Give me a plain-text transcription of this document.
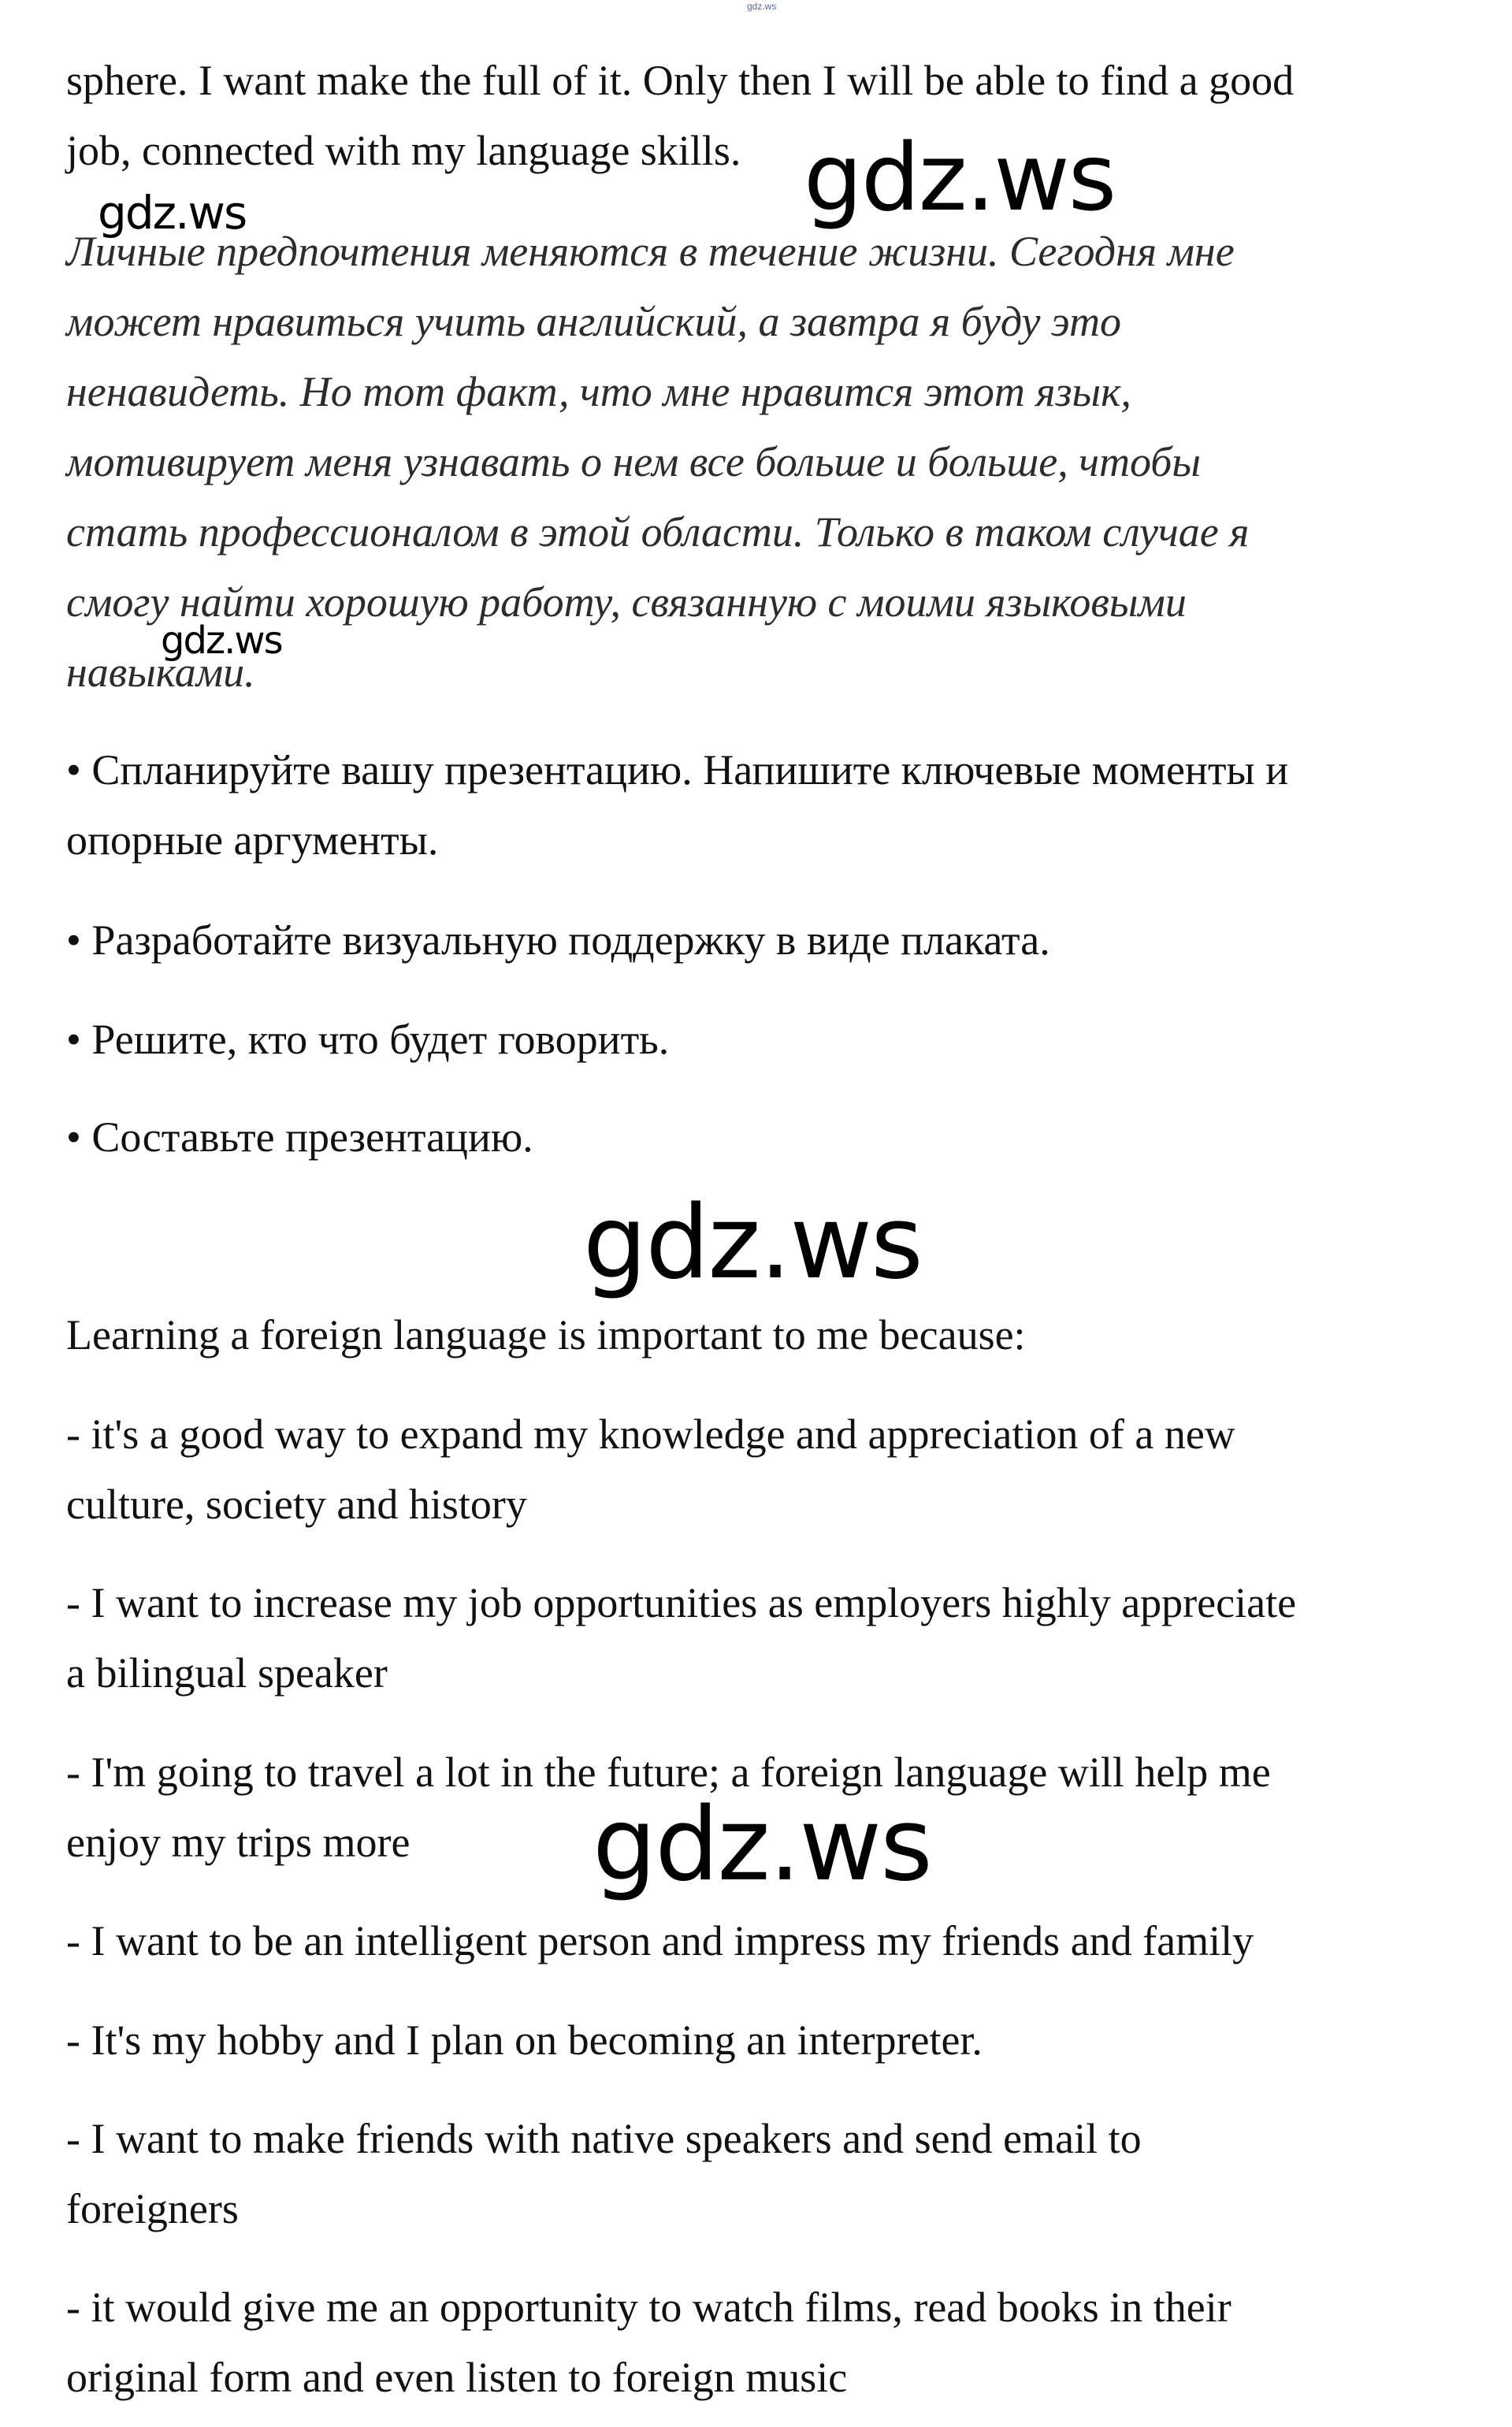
gdz.ws

sphere. I want make the full of it. Only then I will be able to find a good

job, connected with my language skills.

Личные предпочтения меняются в течение жизни. Сегодня мне

может нравиться учить английский, а завтра я буду это

ненавидеть. Но тот факт, что мне нравится этот язык,

мотивирует меня узнавать о нем все больше и больше, чтобы

стать профессионалом в этой области. Только в таком случае я

смогу найти хорошую работу, связанную с моими языковыми

навыками.

• Спланируйте вашу презентацию. Напишите ключевые моменты и

опорные аргументы.

• Разработайте визуальную поддержку в виде плаката.

• Решите, кто что будет говорить.

• Составьте презентацию.

Learning a foreign language is important to me because:

- it's a good way to expand my knowledge and appreciation of a new

culture, society and history

- I want to increase my job opportunities as employers highly appreciate

a bilingual speaker

- I'm going to travel a lot in the future; a foreign language will help me

enjoy my trips more

- I want to be an intelligent person and impress my friends and family

- It's my hobby and I plan on becoming an interpreter.

- I want to make friends with native speakers and send email to

foreigners

- it would give me an opportunity to watch films, read books in their

original form and even listen to foreign music

gdz.ws
gdz.ws
gdz.ws
gdz.ws
gdz.ws
